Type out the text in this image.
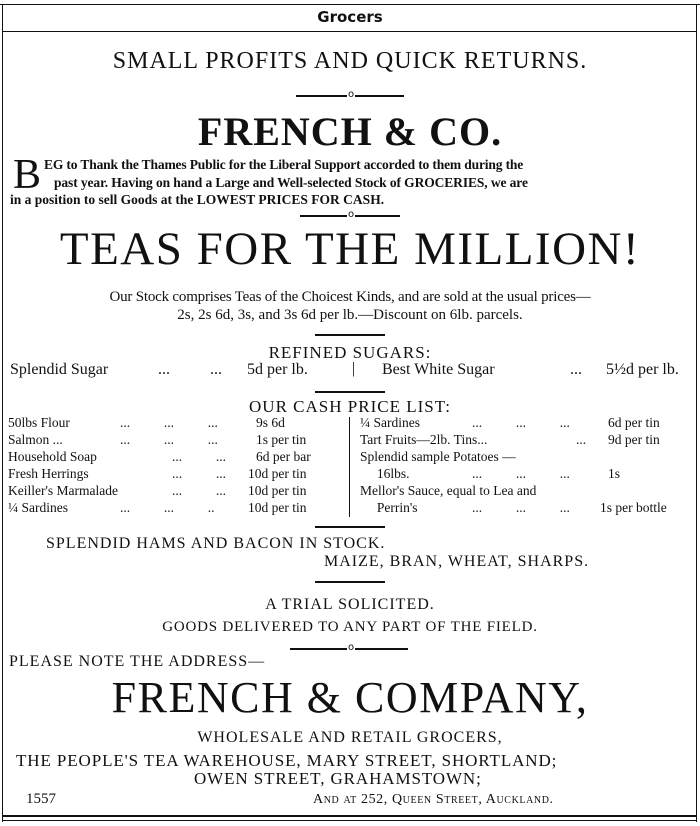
Grocers
SMALL PROFITS AND QUICK RETURNS.
o
FRENCH & CO.
B EG to Thank the Thames Public for the Liberal Support accorded to them during the
past year. Having on hand a Large and Well-selected Stock of GROCERIES, we are
in a position to sell Goods at the LOWEST PRICES FOR CASH.
o
TEAS FOR THE MILLION!
Our Stock comprises Teas of the Choicest Kinds, and are sold at the usual prices—
2s, 2s 6d, 3s, and 3s 6d per lb.—Discount on 6lb. parcels.
REFINED SUGARS:
Splendid Sugar	...          ... 5d per lb.	| Best White Sugar	... 5½d per lb.
OUR CASH PRICE LIST:
50lbs Flour	...          ...          ...	9s 6d
Salmon ...	...          ...          ...	1s per tin
Household Soap	...          ... 6d per bar
Fresh Herrings	...          ... 10d per tin
Keiller's Marmalade	...          ... 10d per tin
¼ Sardines	...          ...          .. 10d per tin
¼ Sardines	...          ...          ...	6d per tin
Tart Fruits—2lb. Tins...	... 9d per tin
Splendid sample Potatoes —
16lbs.	...          ...          ...	1s
Mellor's Sauce, equal to Lea and
Perrin's	...          ...          ... 1s per bottle
SPLENDID HAMS AND BACON IN STOCK.
MAIZE, BRAN, WHEAT, SHARPS.
A TRIAL SOLICITED.
GOODS DELIVERED TO ANY PART OF THE FIELD.
o
PLEASE NOTE THE ADDRESS—
FRENCH & COMPANY,
WHOLESALE AND RETAIL GROCERS,
THE PEOPLE'S TEA WAREHOUSE, MARY STREET, SHORTLAND;
OWEN STREET, GRAHAMSTOWN;
1557	And at 252, Queen Street, Auckland.
